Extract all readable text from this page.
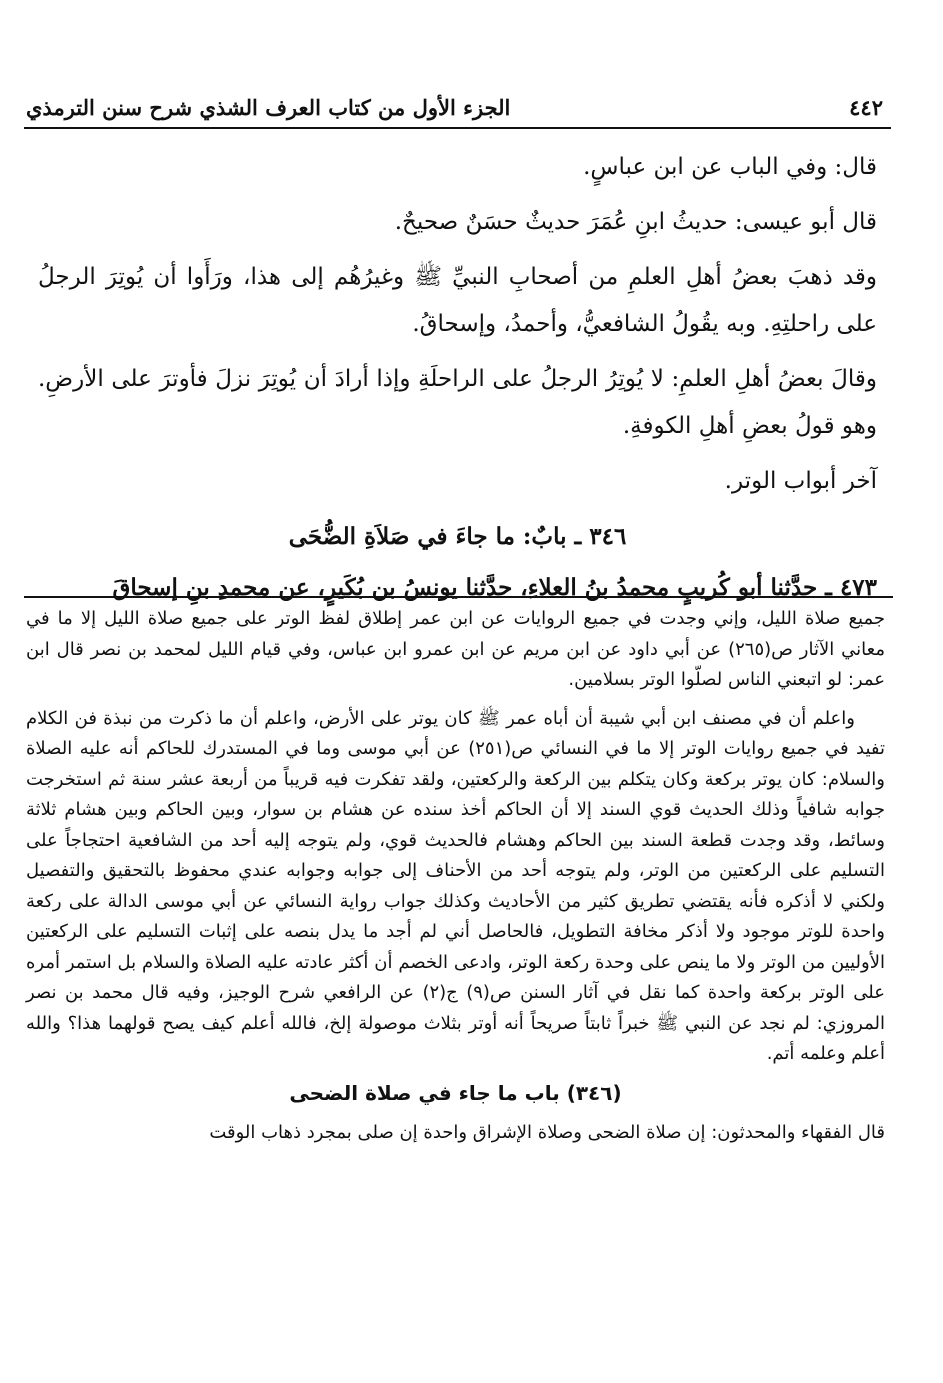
٤٤٢
الجزء الأول من كتاب العرف الشذي شرح سنن الترمذي

قال: وفي الباب عن ابن عباسٍ.

قال أبو عيسى: حديثُ ابنِ عُمَرَ حديثٌ حسَنٌ صحيحٌ.

وقد ذهبَ بعضُ أهلِ العلمِ من أصحابِ النبيِّ ﷺ وغيرُهُم إلى هذا، ورَأَوا أن يُوتِرَ الرجلُ على راحلتِهِ. وبه يقُولُ الشافعيُّ، وأحمدُ، وإسحاقُ.

وقالَ بعضُ أهلِ العلمِ: لا يُوتِرُ الرجلُ على الراحلَةِ وإذا أرادَ أن يُوتِرَ نزلَ فأوترَ على الأرضِ. وهو قولُ بعضِ أهلِ الكوفةِ.

آخر أبواب الوتر.

٣٤٦ ـ بابٌ: ما جاءَ في صَلاَةِ الضُّحَى
٤٧٣ ـ حدَّثنا أبو كُريبٍ محمدُ بنُ العلاءِ، حدَّثنا يونسُ بن بُكَيرٍ، عن محمدِ بنِ إسحاقَ

جميع صلاة الليل، وإني وجدت في جميع الروايات عن ابن عمر إطلاق لفظ الوتر على جميع صلاة الليل إلا ما في معاني الآثار ص(٢٦٥) عن أبي داود عن ابن مريم عن ابن عمرو ابن عباس، وفي قيام الليل لمحمد بن نصر قال ابن عمر: لو اتبعني الناس لصلّوا الوتر بسلامين.

واعلم أن في مصنف ابن أبي شيبة أن أباه عمر ﷺ كان يوتر على الأرض، واعلم أن ما ذكرت من نبذة فن الكلام تفيد في جميع روايات الوتر إلا ما في النسائي ص(٢٥١) عن أبي موسى وما في المستدرك للحاكم أنه عليه الصلاة والسلام: كان يوتر بركعة وكان يتكلم بين الركعة والركعتين، ولقد تفكرت فيه قريباً من أربعة عشر سنة ثم استخرجت جوابه شافياً وذلك الحديث قوي السند إلا أن الحاكم أخذ سنده عن هشام بن سوار، وبين الحاكم وبين هشام ثلاثة وسائط، وقد وجدت قطعة السند بين الحاكم وهشام فالحديث قوي، ولم يتوجه إليه أحد من الشافعية احتجاجاً على التسليم على الركعتين من الوتر، ولم يتوجه أحد من الأحناف إلى جوابه وجوابه عندي محفوظ بالتحقيق والتفصيل ولكني لا أذكره فأنه يقتضي تطريق كثير من الأحاديث وكذلك جواب رواية النسائي عن أبي موسى الدالة على ركعة واحدة للوتر موجود ولا أذكر مخافة التطويل، فالحاصل أني لم أجد ما يدل بنصه على إثبات التسليم على الركعتين الأوليين من الوتر ولا ما ينص على وحدة ركعة الوتر، وادعى الخصم أن أكثر عادته عليه الصلاة والسلام بل استمر أمره على الوتر بركعة واحدة كما نقل في آثار السنن ص(٩) ج(٢) عن الرافعي شرح الوجيز، وفيه قال محمد بن نصر المروزي: لم نجد عن النبي ﷺ خبراً ثابتاً صريحاً أنه أوتر بثلاث موصولة إلخ، فالله أعلم كيف يصح قولهما هذا؟ والله أعلم وعلمه أتم.

(٣٤٦) باب ما جاء في صلاة الضحى

قال الفقهاء والمحدثون: إن صلاة الضحى وصلاة الإشراق واحدة إن صلى بمجرد ذهاب الوقت
